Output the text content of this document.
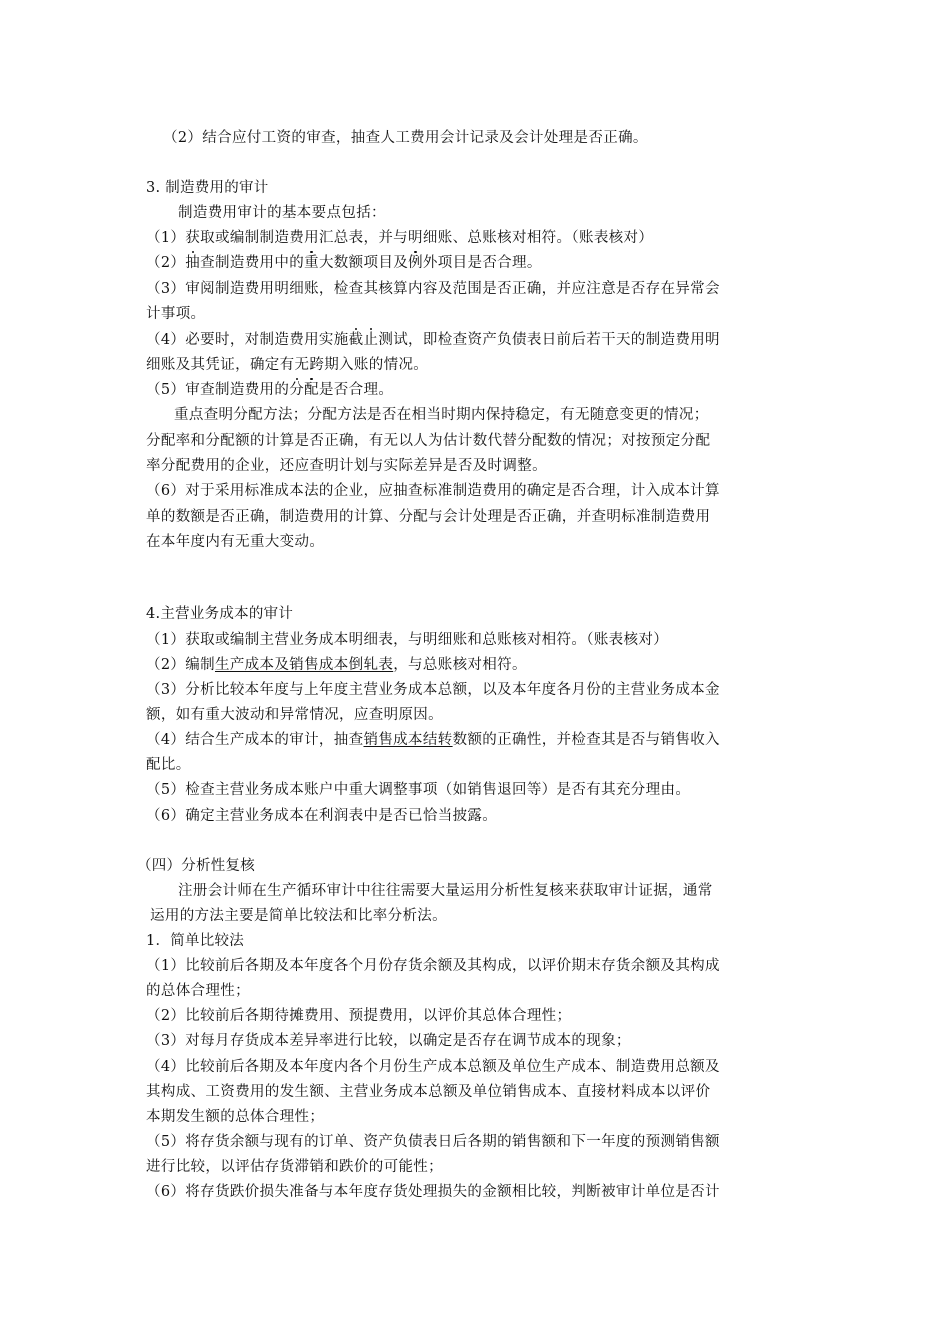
（2）结合应付工资的审查，抽查人工费用会计记录及会计处理是否正确。
3. 制造费用的审计
制造费用审计的基本要点包括：
（1）获取或编制制造费用汇总表，并与明细账、总账核对相符。（账表核对）
（2）抽查制造费用中的重大数额项目及例外项目是否合理。
（3）审阅制造费用明细账，检查其核算内容及范围是否正确，并应注意是否存在异常会
计事项。
（4）必要时，对制造费用实施截止测试，即检查资产负债表日前后若干天的制造费用明
细账及其凭证，确定有无跨期入账的情况。
（5）审查制造费用的分配是否合理。
重点查明分配方法；分配方法是否在相当时期内保持稳定，有无随意变更的情况；
分配率和分配额的计算是否正确，有无以人为估计数代替分配数的情况；对按预定分配
率分配费用的企业，还应查明计划与实际差异是否及时调整。
（6）对于采用标准成本法的企业，应抽查标准制造费用的确定是否合理，计入成本计算
单的数额是否正确，制造费用的计算、分配与会计处理是否正确，并查明标准制造费用
在本年度内有无重大变动。
4.主营业务成本的审计
（1）获取或编制主营业务成本明细表，与明细账和总账核对相符。（账表核对）
（2）编制生产成本及销售成本倒轧表，与总账核对相符。
（3）分析比较本年度与上年度主营业务成本总额，以及本年度各月份的主营业务成本金
额，如有重大波动和异常情况，应查明原因。
（4）结合生产成本的审计，抽查销售成本结转数额的正确性，并检查其是否与销售收入
配比。
（5）检查主营业务成本账户中重大调整事项（如销售退回等）是否有其充分理由。
（6）确定主营业务成本在利润表中是否已恰当披露。
（四）分析性复核
注册会计师在生产循环审计中往往需要大量运用分析性复核来获取审计证据，通常
运用的方法主要是简单比较法和比率分析法。
1．简单比较法
（1）比较前后各期及本年度各个月份存货余额及其构成，以评价期末存货余额及其构成
的总体合理性；
（2）比较前后各期待摊费用、预提费用，以评价其总体合理性；
（3）对每月存货成本差异率进行比较，以确定是否存在调节成本的现象；
（4）比较前后各期及本年度内各个月份生产成本总额及单位生产成本、制造费用总额及
其构成、工资费用的发生额、主营业务成本总额及单位销售成本、直接材料成本以评价
本期发生额的总体合理性；
（5）将存货余额与现有的订单、资产负债表日后各期的销售额和下一年度的预测销售额
进行比较，以评估存货滞销和跌价的可能性；
（6）将存货跌价损失准备与本年度存货处理损失的金额相比较，判断被审计单位是否计
